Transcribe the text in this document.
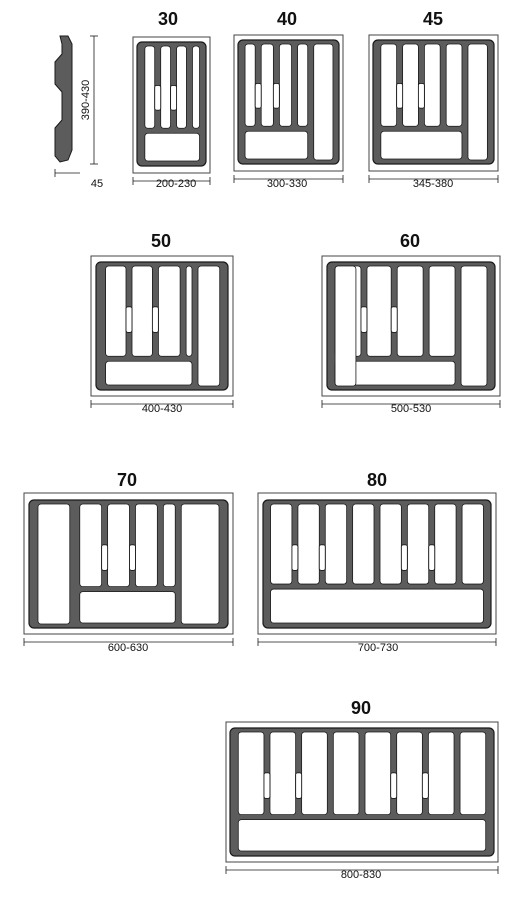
390-430
45
30	40	45
50	60
70	80
90
200-230	300-330	345-380
400-430	500-530
600-630	700-730
800-830
